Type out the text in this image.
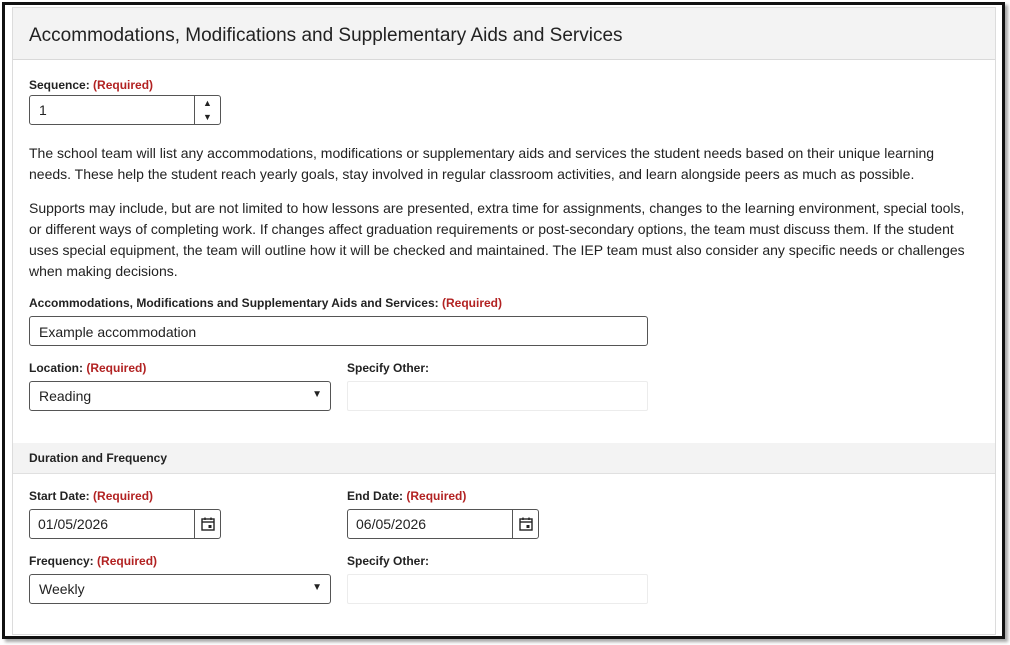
Accommodations, Modifications and Supplementary Aids and Services
Sequence: (Required)
1	▲
▼

The school team will list any accommodations, modifications or supplementary aids and services the student needs based on their unique learning needs. These help the student reach yearly goals, stay involved in regular classroom activities, and learn alongside peers as much as possible.

Supports may include, but are not limited to how lessons are presented, extra time for assignments, changes to the learning environment, special tools, or different ways of completing work. If changes affect graduation requirements or post-secondary options, the team must discuss them. If the student uses special equipment, the team will outline how it will be checked and maintained. The IEP team must also consider any specific needs or challenges when making decisions.

Accommodations, Modifications and Supplementary Aids and Services: (Required)
Example accommodation
Location: (Required)
Reading	▼
Specify Other:
Duration and Frequency
Start Date: (Required)
01/05/2026
End Date: (Required)
06/05/2026
Frequency: (Required)
Weekly	▼
Specify Other:
